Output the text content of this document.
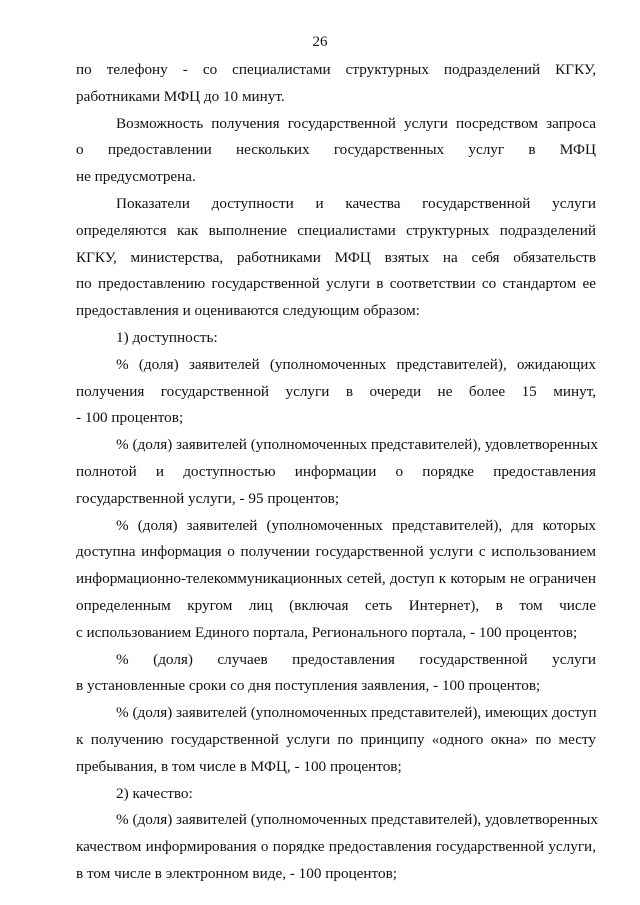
26
по телефону - со специалистами структурных подразделений КГКУ,
работниками МФЦ до 10 минут.
Возможность получения государственной услуги посредством запроса
о предоставлении нескольких государственных услуг в МФЦ
не предусмотрена.
Показатели доступности и качества государственной услуги
определяются как выполнение специалистами структурных подразделений
КГКУ, министерства, работниками МФЦ взятых на себя обязательств
по предоставлению государственной услуги в соответствии со стандартом ее
предоставления и оцениваются следующим образом:
1) доступность:
% (доля) заявителей (уполномоченных представителей), ожидающих
получения государственной услуги в очереди не более 15 минут,
- 100 процентов;
% (доля) заявителей (уполномоченных представителей), удовлетворенных
полнотой и доступностью информации о порядке предоставления
государственной услуги, - 95 процентов;
% (доля) заявителей (уполномоченных представителей), для которых
доступна информация о получении государственной услуги с использованием
информационно-телекоммуникационных сетей, доступ к которым не ограничен
определенным кругом лиц (включая сеть Интернет), в том числе
с использованием Единого портала, Регионального портала, - 100 процентов;
% (доля) случаев предоставления государственной услуги
в установленные сроки со дня поступления заявления, - 100 процентов;
% (доля) заявителей (уполномоченных представителей), имеющих доступ
к получению государственной услуги по принципу «одного окна» по месту
пребывания, в том числе в МФЦ, - 100 процентов;
2) качество:
% (доля) заявителей (уполномоченных представителей), удовлетворенных
качеством информирования о порядке предоставления государственной услуги,
в том числе в электронном виде, - 100 процентов;
